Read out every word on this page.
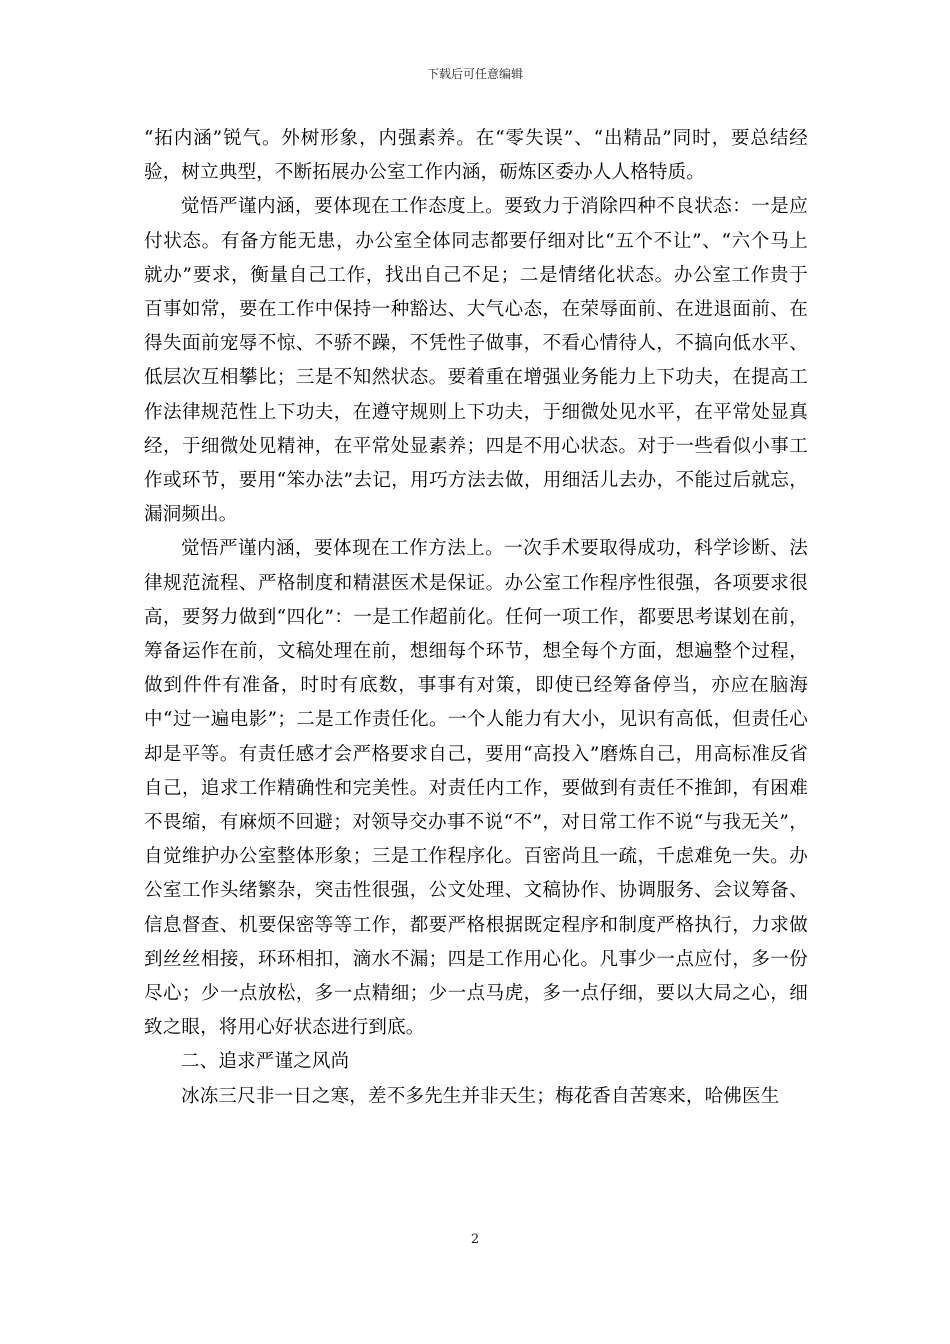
下载后可任意编辑

“拓内涵”锐气。外树形象，内强素养。在“零失误”、“出精品”同时，要总结经验，树立典型，不断拓展办公室工作内涵，砺炼区委办人人格特质。

觉悟严谨内涵，要体现在工作态度上。要致力于消除四种不良状态：一是应付状态。有备方能无患，办公室全体同志都要仔细对比“五个不让”、“六个马上就办”要求，衡量自己工作，找出自己不足；二是情绪化状态。办公室工作贵于百事如常，要在工作中保持一种豁达、大气心态，在荣辱面前、在进退面前、在得失面前宠辱不惊、不骄不躁，不凭性子做事，不看心情待人，不搞向低水平、低层次互相攀比；三是不知然状态。要着重在增强业务能力上下功夫，在提高工作法律规范性上下功夫，在遵守规则上下功夫，于细微处见水平，在平常处显真经，于细微处见精神，在平常处显素养；四是不用心状态。对于一些看似小事工作或环节，要用“笨办法”去记，用巧方法去做，用细活儿去办，不能过后就忘，漏洞频出。

觉悟严谨内涵，要体现在工作方法上。一次手术要取得成功，科学诊断、法律规范流程、严格制度和精湛医术是保证。办公室工作程序性很强，各项要求很高，要努力做到“四化”：一是工作超前化。任何一项工作，都要思考谋划在前，筹备运作在前，文稿处理在前，想细每个环节，想全每个方面，想遍整个过程，做到件件有准备，时时有底数，事事有对策，即使已经筹备停当，亦应在脑海中“过一遍电影”；二是工作责任化。一个人能力有大小，见识有高低，但责任心却是平等。有责任感才会严格要求自己，要用“高投入”磨炼自己，用高标准反省自己，追求工作精确性和完美性。对责任内工作，要做到有责任不推卸，有困难不畏缩，有麻烦不回避；对领导交办事不说“不”，对日常工作不说“与我无关”，自觉维护办公室整体形象；三是工作程序化。百密尚且一疏，千虑难免一失。办公室工作头绪繁杂，突击性很强，公文处理、文稿协作、协调服务、会议筹备、信息督查、机要保密等等工作，都要严格根据既定程序和制度严格执行，力求做到丝丝相接，环环相扣，滴水不漏；四是工作用心化。凡事少一点应付，多一份尽心；少一点放松，多一点精细；少一点马虎，多一点仔细，要以大局之心，细致之眼，将用心好状态进行到底。

二、追求严谨之风尚

冰冻三尺非一日之寒，差不多先生并非天生；梅花香自苦寒来，哈佛医生

2
